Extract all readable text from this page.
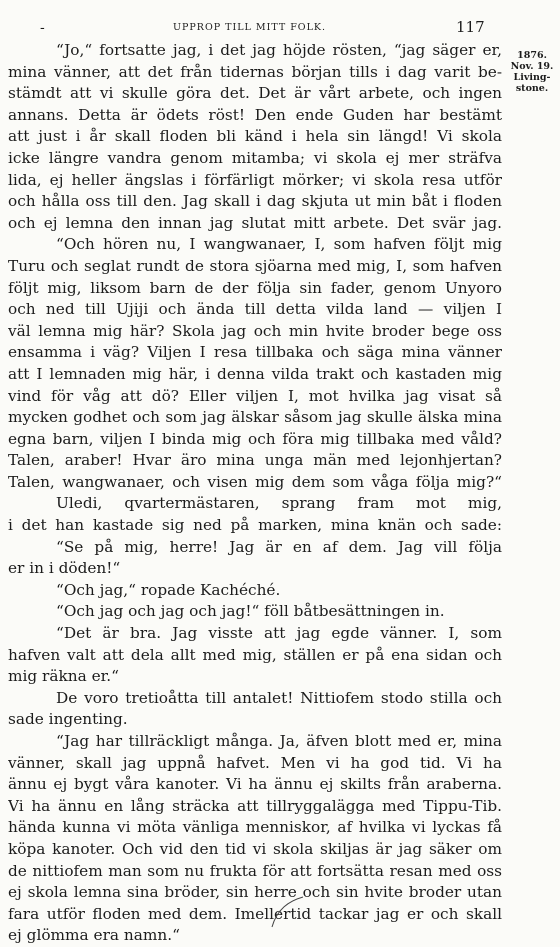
-	UPPROP TILL MITT FOLK.	117
1876.
Nov. 19.
Living-
stone.
“Jo,“ fortsatte jag, i det jag höjde rösten, “jag säger er,
mina vänner, att det från tidernas början tills i dag varit be-
stämdt att vi skulle göra det. Det är vårt arbete, och ingen
annans. Detta är ödets röst! Den ende Guden har bestämt
att just i år skall floden bli känd i hela sin längd! Vi skola
icke längre vandra genom mitamba; vi skola ej mer sträfva
lida, ej heller ängslas i förfärligt mörker; vi skola resa utför
och hålla oss till den. Jag skall i dag skjuta ut min båt i floden
och ej lemna den innan jag slutat mitt arbete. Det svär jag.
“Och hören nu, I wangwanaer, I, som hafven följt mig
Turu och seglat rundt de stora sjöarna med mig, I, som hafven
följt mig, liksom barn de der följa sin fader, genom Unyoro
och ned till Ujiji och ända till detta vilda land — viljen I
väl lemna mig här? Skola jag och min hvite broder bege oss
ensamma i väg? Viljen I resa tillbaka och säga mina vänner
att I lemnaden mig här, i denna vilda trakt och kastaden mig
vind för våg att dö? Eller viljen I, mot hvilka jag visat så
mycken godhet och som jag älskar såsom jag skulle älska mina
egna barn, viljen I binda mig och föra mig tillbaka med våld?
Talen, araber! Hvar äro mina unga män med lejonhjertan?
Talen, wangwanaer, och visen mig dem som våga följa mig?“
Uledi, qvartermästaren, sprang fram mot mig,
i det han kastade sig ned på marken, mina knän och sade:
“Se på mig, herre! Jag är en af dem. Jag vill följa
er in i döden!“
“Och jag,“ ropade Kachéché.
“Och jag och jag och jag!“ föll båtbesättningen in.
“Det är bra. Jag visste att jag egde vänner. I, som
hafven valt att dela allt med mig, ställen er på ena sidan och
mig räkna er.“
De voro tretioåtta till antalet! Nittiofem stodo stilla och
sade ingenting.
“Jag har tillräckligt många. Ja, äfven blott med er, mina
vänner, skall jag uppnå hafvet. Men vi ha god tid. Vi ha
ännu ej bygt våra kanoter. Vi ha ännu ej skilts från araberna.
Vi ha ännu en lång sträcka att tillryggalägga med Tippu-Tib.
hända kunna vi möta vänliga menniskor, af hvilka vi lyckas få
köpa kanoter. Och vid den tid vi skola skiljas är jag säker om
de nittiofem man som nu frukta för att fortsätta resan med oss
ej skola lemna sina bröder, sin herre och sin hvite broder utan
fara utför floden med dem. Imellertid tackar jag er och skall
ej glömma era namn.“
